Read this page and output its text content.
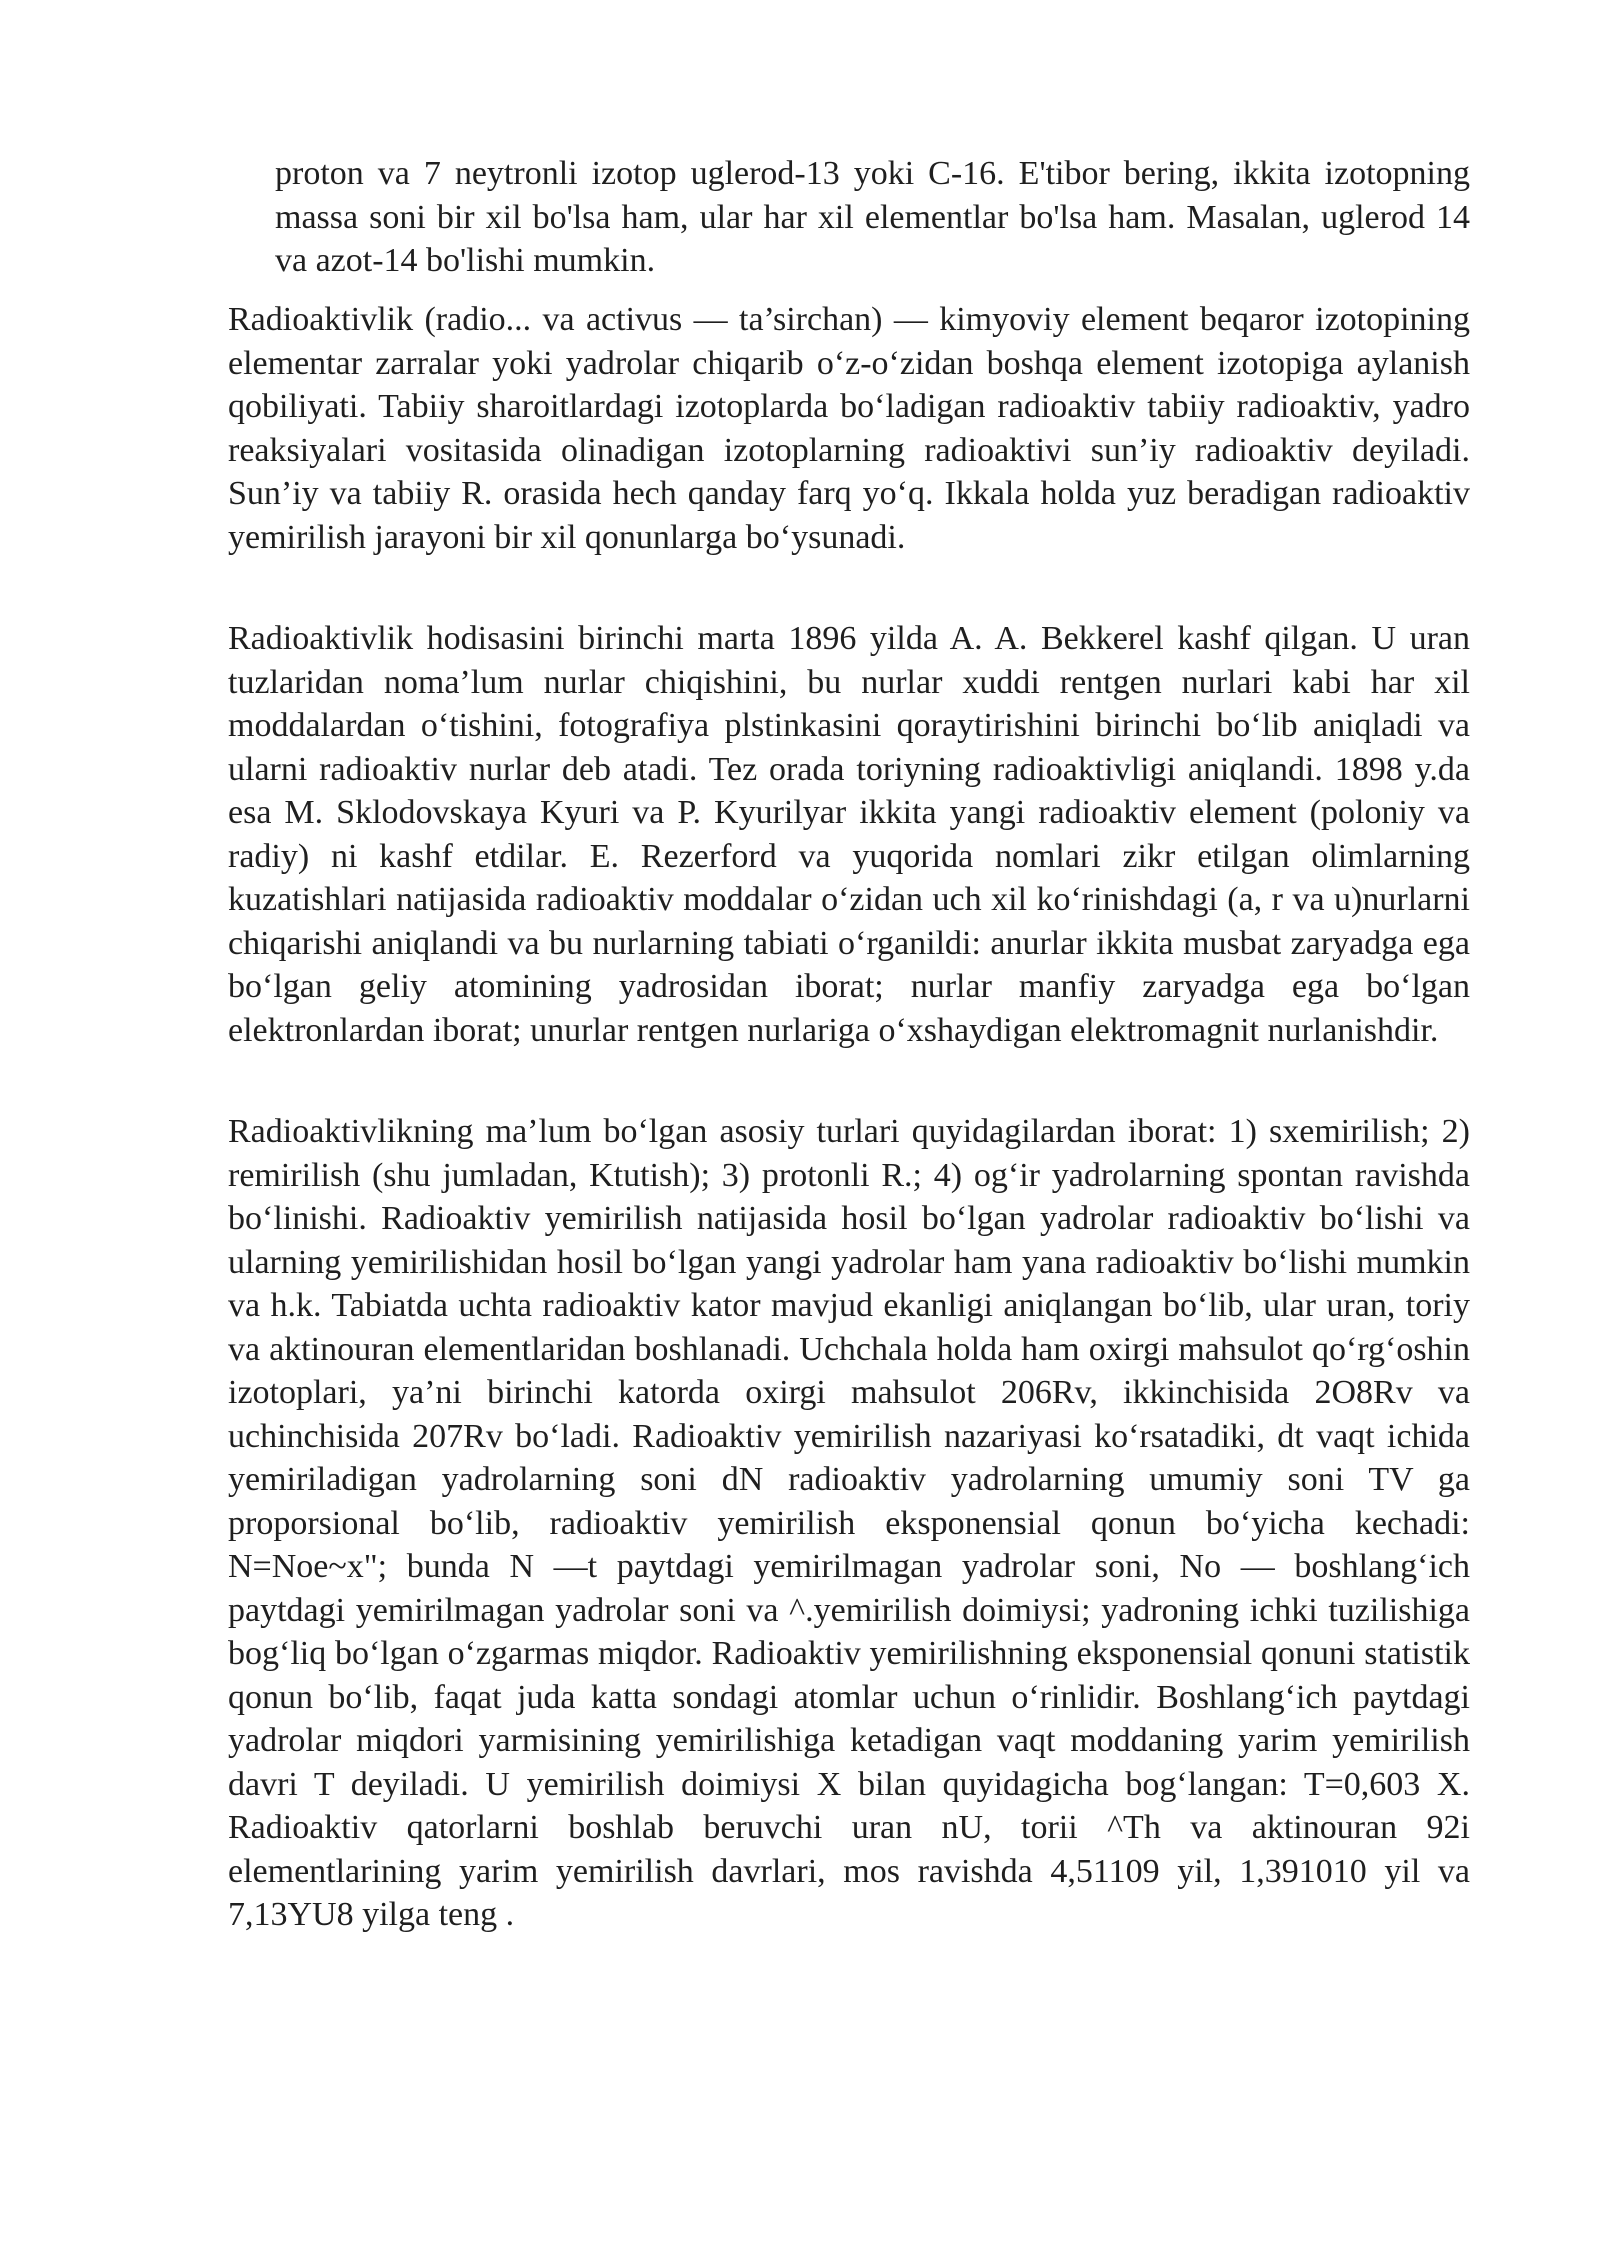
proton va 7 neytronli izotop uglerod-13 yoki C-16. E'tibor bering, ikkita izotopning massa soni bir xil bo'lsa ham, ular har xil elementlar bo'lsa ham. Masalan, uglerod 14 va azot-14 bo'lishi mumkin.

Radioaktivlik (radio... va activus — ta’sirchan) — kimyoviy element beqaror izotopining elementar zarralar yoki yadrolar chiqarib o‘z-o‘zidan boshqa element izotopiga aylanish qobiliyati. Tabiiy sharoitlardagi izotoplarda bo‘ladigan radioaktiv tabiiy radioaktiv, yadro reaksiyalari vositasida olinadigan izotoplarning radioaktivi sun’iy radioaktiv deyiladi. Sun’iy va tabiiy R. orasida hech qanday farq yo‘q. Ikkala holda yuz beradigan radioaktiv yemirilish jarayoni bir xil qonunlarga bo‘ysunadi.

Radioaktivlik hodisasini birinchi marta 1896 yilda A. A. Bekkerel kashf qilgan. U uran tuzlaridan noma’lum nurlar chiqishini, bu nurlar xuddi rentgen nurlari kabi har xil moddalardan o‘tishini, fotografiya plstinkasini qoraytirishini birinchi bo‘lib aniqladi va ularni radioaktiv nurlar deb atadi. Tez orada toriyning radioaktivligi aniqlandi. 1898 y.da esa M. Sklodovskaya Kyuri va P. Kyurilyar ikkita yangi radioaktiv element (poloniy va radiy) ni kashf etdilar. E. Rezerford va yuqorida nomlari zikr etilgan olimlarning kuzatishlari natijasida radioaktiv moddalar o‘zidan uch xil ko‘rinishdagi (a, r va u)nurlarni chiqarishi aniqlandi va bu nurlarning tabiati o‘rganildi: anurlar ikkita musbat zaryadga ega bo‘lgan geliy atomining yadrosidan iborat; nurlar manfiy zaryadga ega bo‘lgan elektronlardan iborat; unurlar rentgen nurlariga o‘xshaydigan elektromagnit nurlanishdir.

Radioaktivlikning ma’lum bo‘lgan asosiy turlari quyidagilardan iborat: 1) sxemirilish; 2) remirilish (shu jumladan, Ktutish); 3) protonli R.; 4) og‘ir yadrolarning spontan ravishda bo‘linishi. Radioaktiv yemirilish natijasida hosil bo‘lgan yadrolar radioaktiv bo‘lishi va ularning yemirilishidan hosil bo‘lgan yangi yadrolar ham yana radioaktiv bo‘lishi mumkin va h.k. Tabiatda uchta radioaktiv kator mavjud ekanligi aniqlangan bo‘lib, ular uran, toriy va aktinouran elementlaridan boshlanadi. Uchchala holda ham oxirgi mahsulot qo‘rg‘oshin izotoplari, ya’ni birinchi katorda oxirgi mahsulot 206Rv, ikkinchisida 2O8Rv va uchinchisida 207Rv bo‘ladi. Radioaktiv yemirilish nazariyasi ko‘rsatadiki, dt vaqt ichida yemiriladigan yadrolarning soni dN radioaktiv yadrolarning umumiy soni TV ga proporsional bo‘lib, radioaktiv yemirilish eksponensial qonun bo‘yicha kechadi: N=Noe~x"; bunda N —t paytdagi yemirilmagan yadrolar soni, No — boshlang‘ich paytdagi yemirilmagan yadrolar soni va ^.yemirilish doimiysi; yadroning ichki tuzilishiga bog‘liq bo‘lgan o‘zgarmas miqdor. Radioaktiv yemirilishning eksponensial qonuni statistik qonun bo‘lib, faqat juda katta sondagi atomlar uchun o‘rinlidir. Boshlang‘ich paytdagi yadrolar miqdori yarmisining yemirilishiga ketadigan vaqt moddaning yarim yemirilish davri T deyiladi. U yemirilish doimiysi X bilan quyidagicha bog‘langan: T=0,603 X. Radioaktiv qatorlarni boshlab beruvchi uran nU, torii ^Th va aktinouran 92i elementlarining yarim yemirilish davrlari, mos ravishda 4,51109 yil, 1,391010 yil va 7,13YU8 yilga teng .
